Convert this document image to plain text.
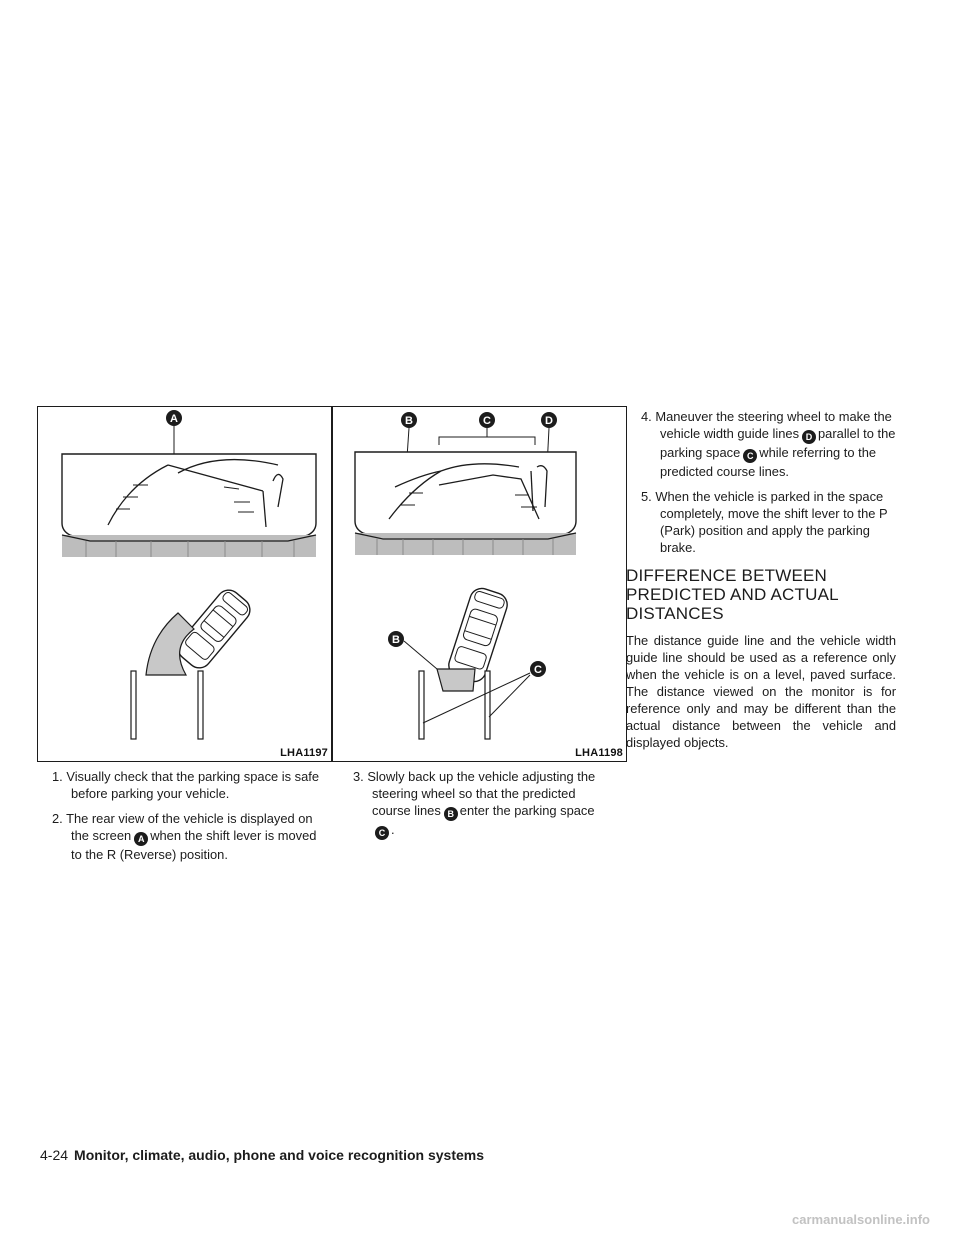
A
LHA1197
B	C	D
B
C
LHA1198

1. Visually check that the parking space is safe before parking your vehicle.

2. The rear view of the vehicle is displayed on the screen A when the shift lever is moved to the R (Reverse) position.

3. Slowly back up the vehicle adjusting the steering wheel so that the predicted course lines B enter the parking spaceC .

4. Maneuver the steering wheel to make the vehicle width guide lines D parallel to the parking space C while referring to the predicted course lines.

5. When the vehicle is parked in the space completely, move the shift lever to the P (Park) position and apply the parking brake.

DIFFERENCE BETWEEN PREDICTED AND ACTUAL DISTANCES

The distance guide line and the vehicle width guide line should be used as a reference only when the vehicle is on a level, paved surface. The distance viewed on the monitor is for reference only and may be different than the actual distance between the vehicle and displayed objects.

4-24 Monitor, climate, audio, phone and voice recognition systems
carmanualsonline.info
